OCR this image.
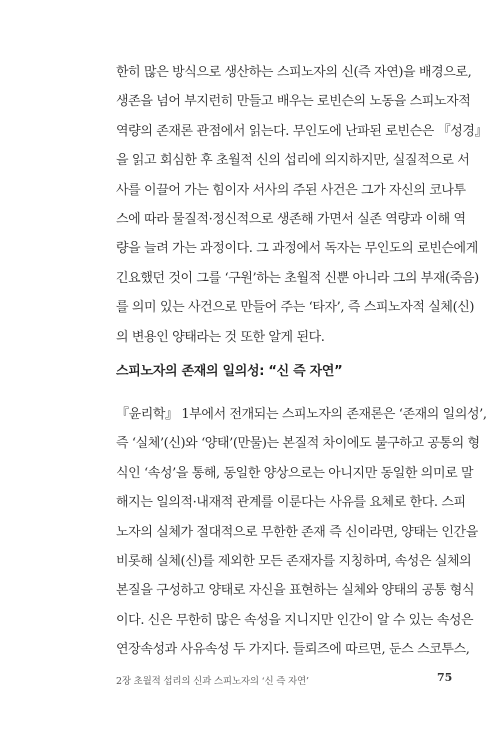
한히 많은 방식으로 생산하는 스피노자의 신(즉 자연)을 배경으로,
생존을 넘어 부지런히 만들고 배우는 로빈슨의 노동을 스피노자적
역량의 존재론 관점에서 읽는다. 무인도에 난파된 로빈슨은 『성경』
을 읽고 회심한 후 초월적 신의 섭리에 의지하지만, 실질적으로 서
사를 이끌어 가는 힘이자 서사의 주된 사건은 그가 자신의 코나투
스에 따라 물질적·정신적으로 생존해 가면서 실존 역량과 이해 역
량을 늘려 가는 과정이다. 그 과정에서 독자는 무인도의 로빈슨에게
긴요했던 것이 그를 ‘구원’하는 초월적 신뿐 아니라 그의 부재(죽음)
를 의미 있는 사건으로 만들어 주는 ‘타자’, 즉 스피노자적 실체(신)
의 변용인 양태라는 것 또한 알게 된다.
스피노자의 존재의 일의성: “신 즉 자연”
『윤리학』 1부에서 전개되는 스피노자의 존재론은 ‘존재의 일의성’,
즉 ‘실체’(신)와 ‘양태’(만물)는 본질적 차이에도 불구하고 공통의 형
식인 ‘속성’을 통해, 동일한 양상으로는 아니지만 동일한 의미로 말
해지는 일의적·내재적 관계를 이룬다는 사유를 요체로 한다. 스피
노자의 실체가 절대적으로 무한한 존재 즉 신이라면, 양태는 인간을
비롯해 실체(신)를 제외한 모든 존재자를 지칭하며, 속성은 실체의
본질을 구성하고 양태로 자신을 표현하는 실체와 양태의 공통 형식
이다. 신은 무한히 많은 속성을 지니지만 인간이 알 수 있는 속성은
연장속성과 사유속성 두 가지다. 들뢰즈에 따르면, 둔스 스코투스,
2장 초월적 섭리의 신과 스피노자의 ‘신 즉 자연’	75
